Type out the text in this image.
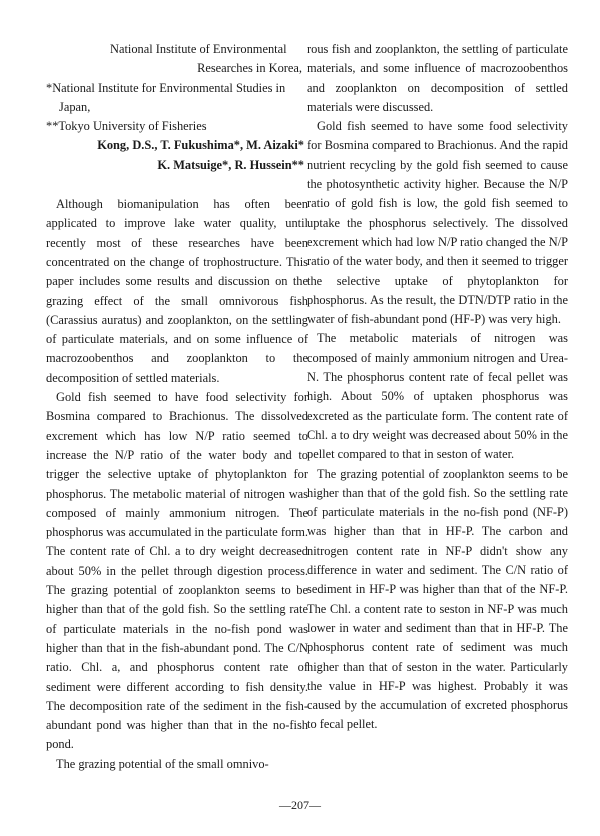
National Institute of Environmental

Researches in Korea,

*National Institute for Environmental Studies in

Japan,

**Tokyo University of Fisheries

Kong, D.S., T. Fukushima*, M. Aizaki*

K. Matsuige*, R. Hussein**

Although biomanipulation has often been applicated to improve lake water quality, until recently most of these researches have been concentrated on the change of trophostructure. This paper includes some results and discussion on the grazing effect of the small omnivorous fish (Carassius auratus) and zooplankton, on the settling of particulate materials, and on some influence of macrozoobenthos and zooplankton to the decomposition of settled materials.

Gold fish seemed to have food selectivity for Bosmina compared to Brachionus. The dissolved excrement which has low N/P ratio seemed to increase the N/P ratio of the water body and to trigger the selective uptake of phytoplankton for phosphorus. The metabolic material of nitrogen was composed of mainly ammonium nitrogen. The phosphorus was accumulated in the particulate form. The content rate of Chl. a to dry weight decreased about 50% in the pellet through digestion process. The grazing potential of zooplankton seems to be higher than that of the gold fish. So the settling rate of particulate materials in the no-fish pond was higher than that in the fish-abundant pond. The C/N ratio. Chl. a, and phosphorus content rate of sediment were different according to fish density. The decomposition rate of the sediment in the fish-abundant pond was higher than that in the no-fish pond.

The grazing potential of the small omnivo-

rous fish and zooplankton, the settling of particulate materials, and some influence of macrozoobenthos and zooplankton on decomposition of settled materials were discussed.

Gold fish seemed to have some food selectivity for Bosmina compared to Brachionus. And the rapid nutrient recycling by the gold fish seemed to cause the photosynthetic activity higher. Because the N/P ratio of gold fish is low, the gold fish seemed to uptake the phosphorus selectively. The dissolved excrement which had low N/P ratio changed the N/P ratio of the water body, and then it seemed to trigger the selective uptake of phytoplankton for phosphorus. As the result, the DTN/DTP ratio in the water of fish-abundant pond (HF-P) was very high.

The metabolic materials of nitrogen was composed of mainly ammonium nitrogen and Urea-N. The phosphorus content rate of fecal pellet was high. About 50% of uptaken phosphorus was excreted as the particulate form. The content rate of Chl. a to dry weight was decreased about 50% in the pellet compared to that in seston of water.

The grazing potential of zooplankton seems to be higher than that of the gold fish. So the settling rate of particulate materials in the no-fish pond (NF-P) was higher than that in HF-P. The carbon and nitrogen content rate in NF-P didn't show any difference in water and sediment. The C/N ratio of sediment in HF-P was higher than that of the NF-P. The Chl. a content rate to seston in NF-P was much lower in water and sediment than that in HF-P. The phosphorus content rate of sediment was much higher than that of seston in the water. Particularly the value in HF-P was highest. Probably it was caused by the accumulation of excreted phosphorus to fecal pellet.

—207—
